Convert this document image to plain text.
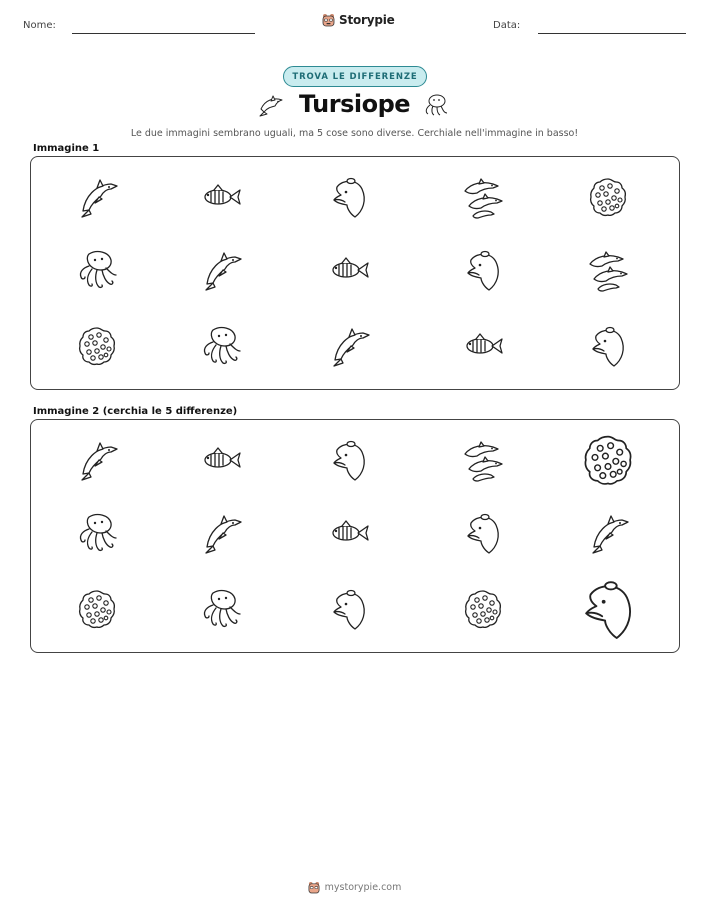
Nome:	Storypie	Data:
TROVA LE DIFFERENZE
Tursiope
Le due immagini sembrano uguali, ma 5 cose sono diverse. Cerchiale nell'immagine in basso!
Immagine 1
Immagine 2 (cerchia le 5 differenze)
mystorypie.com
